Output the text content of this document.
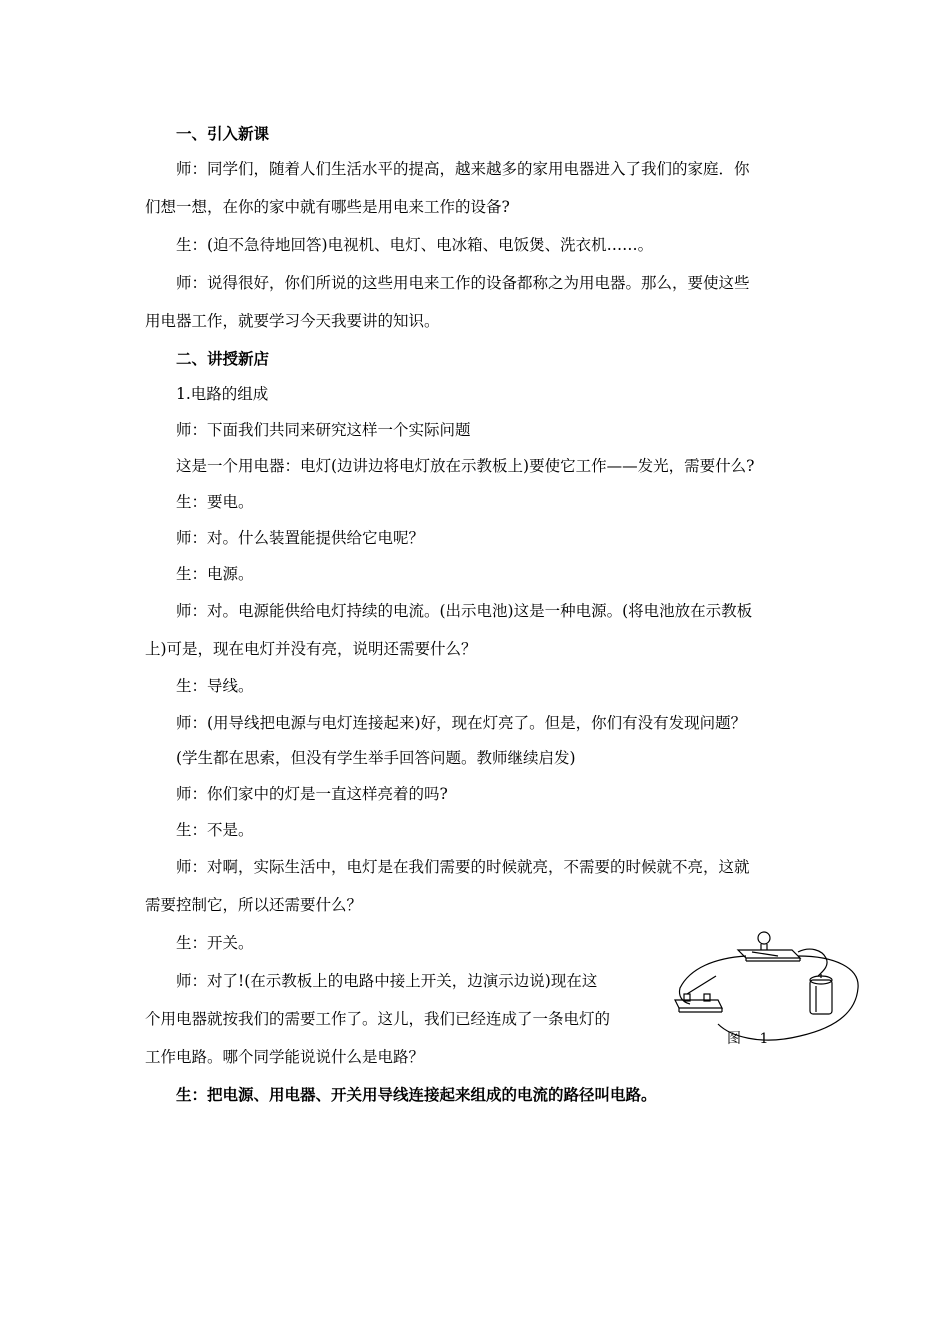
一、引入新课
师：同学们，随着人们生活水平的提高，越来越多的家用电器进入了我们的家庭．你
们想一想，在你的家中就有哪些是用电来工作的设备?
生：(迫不急待地回答)电视机、电灯、电冰箱、电饭煲、洗衣机……。
师：说得很好，你们所说的这些用电来工作的设备都称之为用电器。那么，要使这些
用电器工作，就要学习今天我要讲的知识。
二、讲授新店
1.电路的组成
师：下面我们共同来研究这样一个实际问题
这是一个用电器：电灯(边讲边将电灯放在示教板上)要使它工作——发光，需要什么?
生：要电。
师：对。什么装置能提供给它电呢？
生：电源。
师：对。电源能供给电灯持续的电流。(出示电池)这是一种电源。(将电池放在示教板
上)可是，现在电灯并没有亮，说明还需要什么？
生：导线。
师：(用导线把电源与电灯连接起来)好，现在灯亮了。但是，你们有没有发现问题？
(学生都在思索，但没有学生举手回答问题。教师继续启发)
师：你们家中的灯是一直这样亮着的吗?
生：不是。
师：对啊，实际生活中，电灯是在我们需要的时候就亮，不需要的时候就不亮，这就
需要控制它，所以还需要什么？
生：开关。
师：对了!(在示教板上的电路中接上开关，边演示边说)现在这
个用电器就按我们的需要工作了。这儿，我们已经连成了一条电灯的
工作电路。哪个同学能说说什么是电路？
生：把电源、用电器、开关用导线连接起来组成的电流的路径叫电路。
图　 1
